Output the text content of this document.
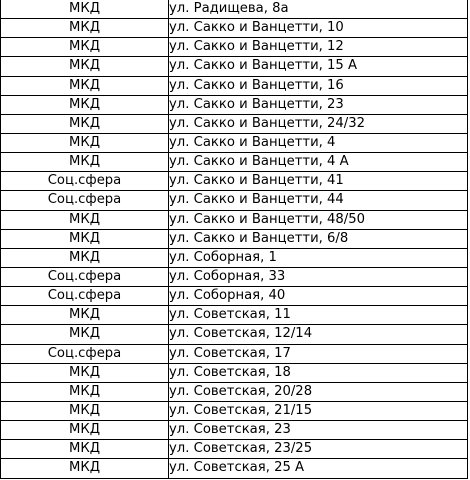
МКД	ул. Радищева, 8а
МКД	ул. Сакко и Ванцетти, 10
МКД	ул. Сакко и Ванцетти, 12
МКД	ул. Сакко и Ванцетти, 15 А
МКД	ул. Сакко и Ванцетти, 16
МКД	ул. Сакко и Ванцетти, 23
МКД	ул. Сакко и Ванцетти, 24/32
МКД	ул. Сакко и Ванцетти, 4
МКД	ул. Сакко и Ванцетти, 4 А
Соц.сфера	ул. Сакко и Ванцетти, 41
Соц.сфера	ул. Сакко и Ванцетти, 44
МКД	ул. Сакко и Ванцетти, 48/50
МКД	ул. Сакко и Ванцетти, 6/8
МКД	ул. Соборная, 1
Соц.сфера	ул. Соборная, 33
Соц.сфера	ул. Соборная, 40
МКД	ул. Советская, 11
МКД	ул. Советская, 12/14
Соц.сфера	ул. Советская, 17
МКД	ул. Советская, 18
МКД	ул. Советская, 20/28
МКД	ул. Советская, 21/15
МКД	ул. Советская, 23
МКД	ул. Советская, 23/25
МКД	ул. Советская, 25 А
